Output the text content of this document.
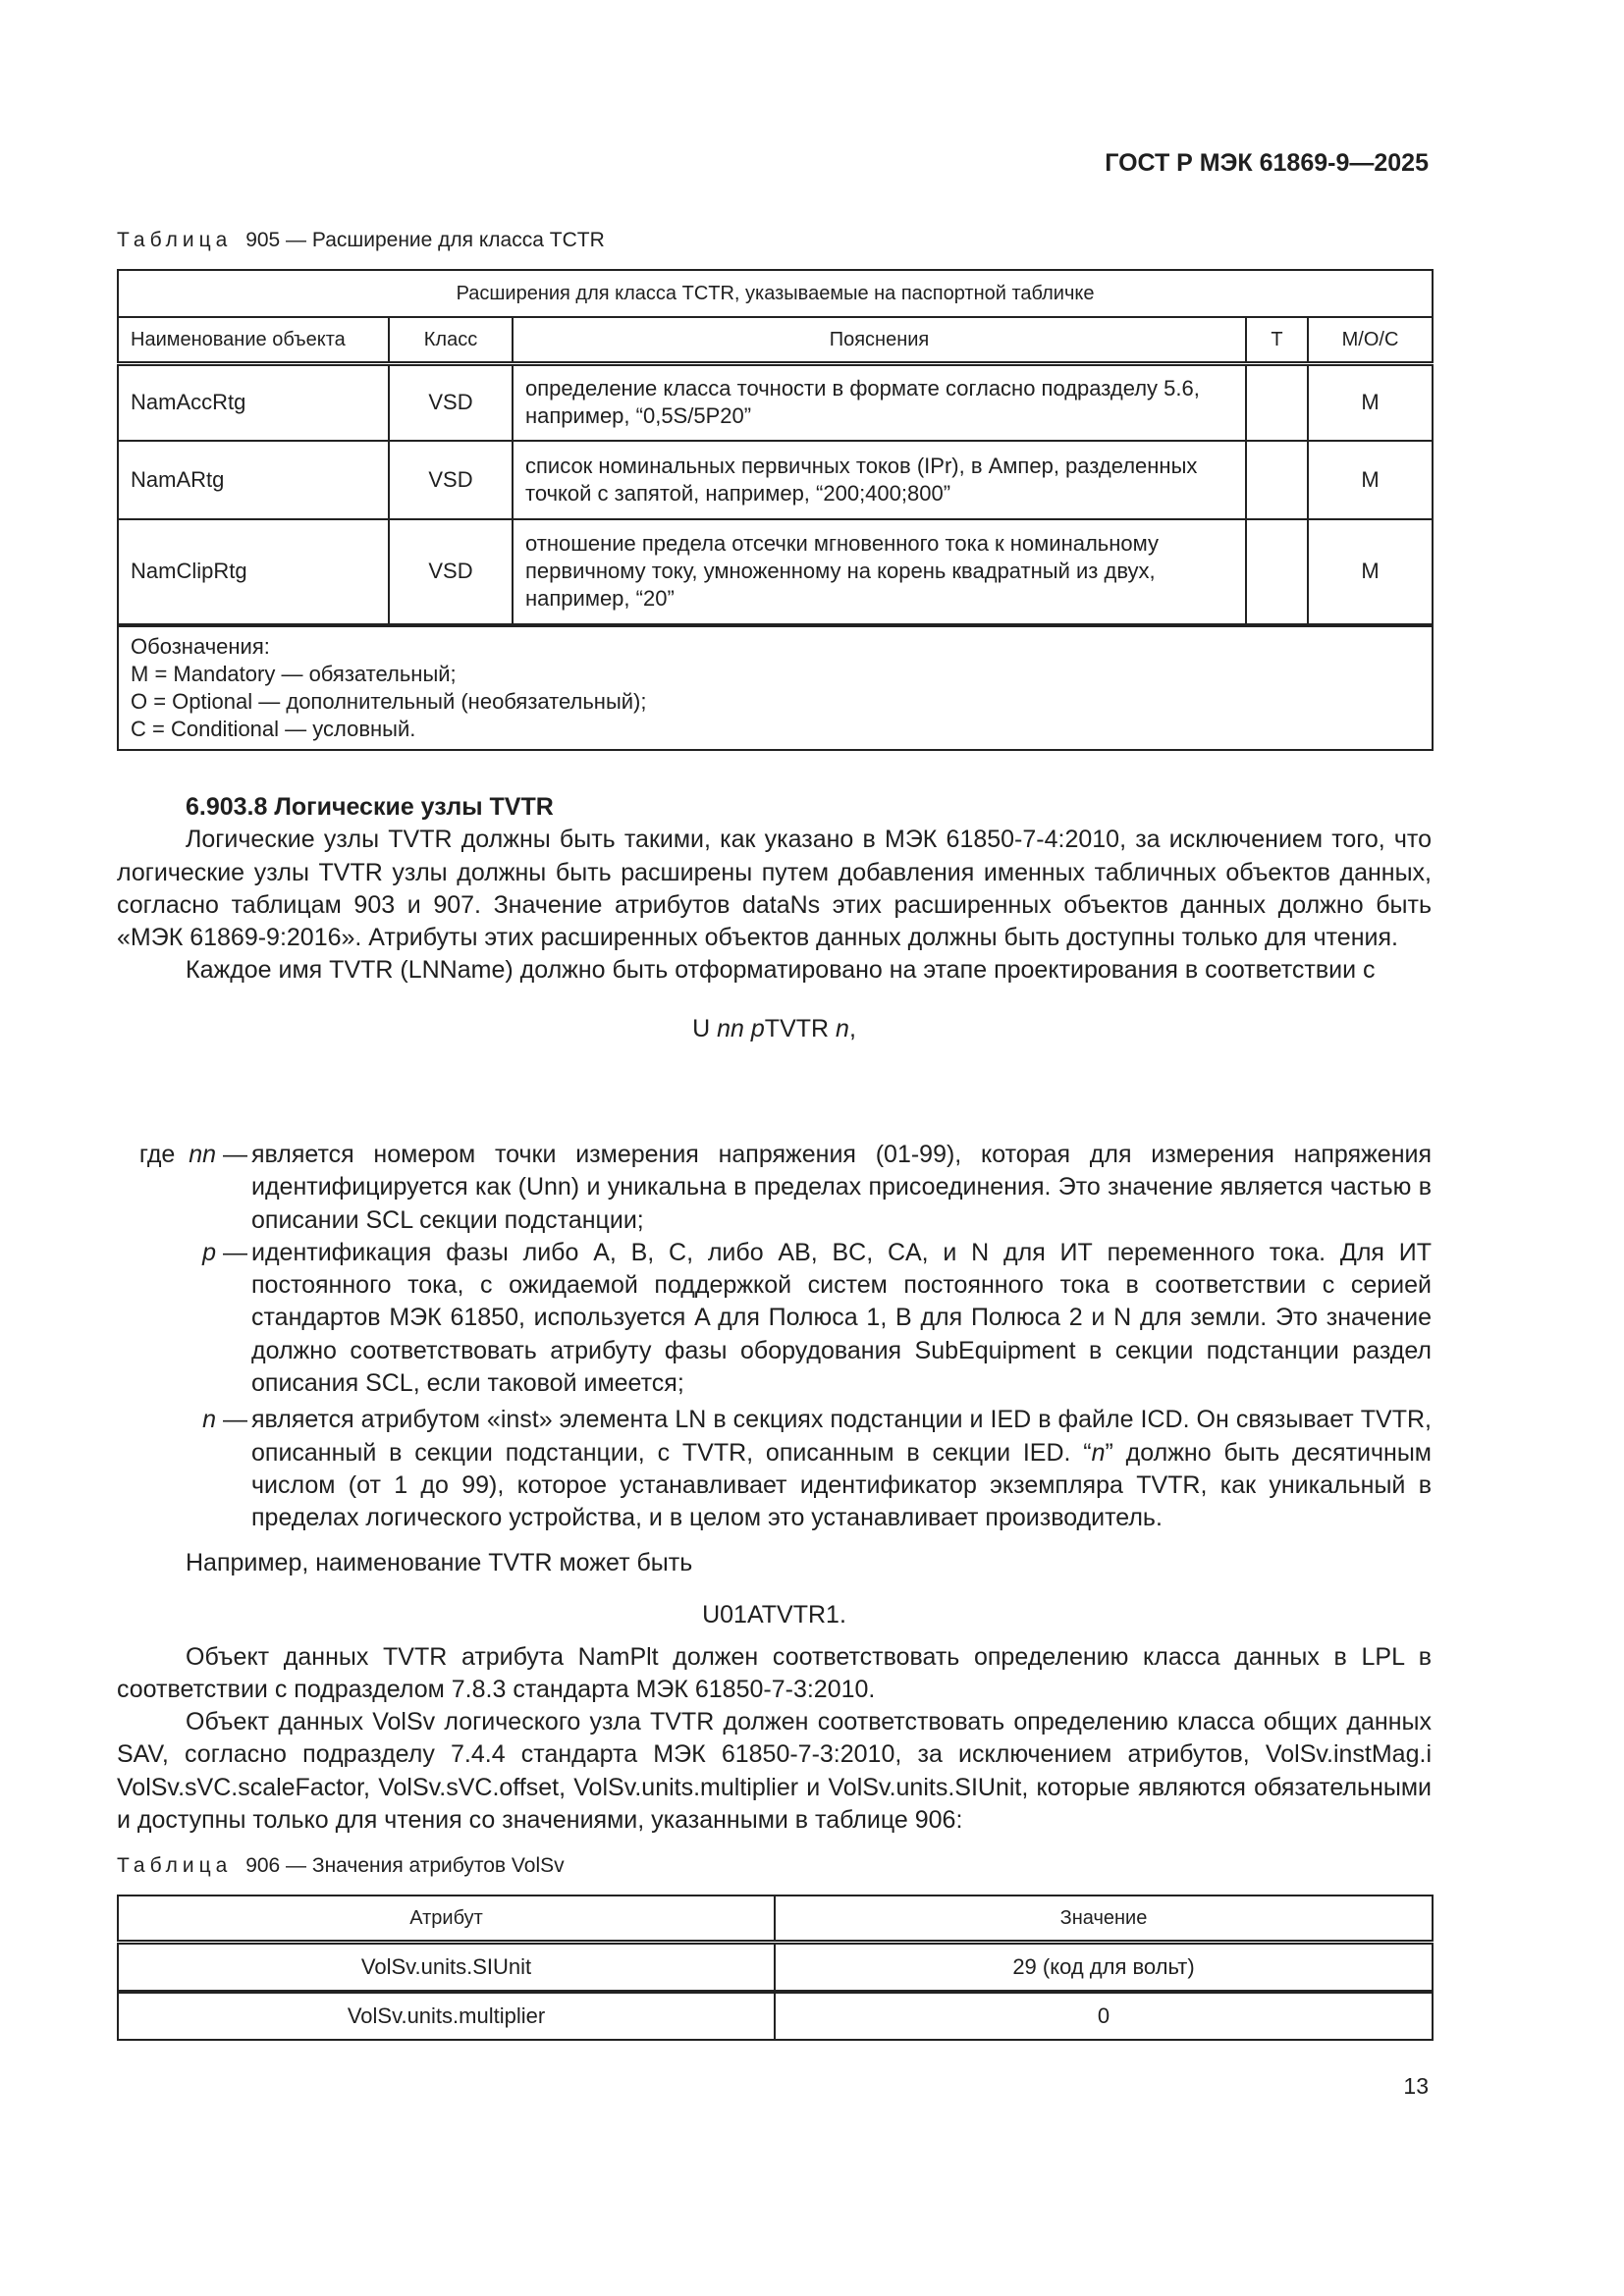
ГОСТ Р МЭК 61869-9—2025
Таблица 905 — Расширение для класса TCTR
Расширения для класса TCTR, указываемые на паспортной табличке				
Наименование объекта	Класс	Пояснения	T	M/O/C
NamAccRtg	VSD	определение класса точности в формате согласно подразделу 5.6, например, “0,5S/5P20”		M
NamARtg	VSD	список номинальных первичных токов (IPr), в Ампер, разделенных точкой с запятой, например, “200;400;800”		M
NamClipRtg	VSD	отношение предела отсечки мгновенного тока к номинальному первичному току, умноженному на корень квадратный из двух, например, “20”		M

Обозначения:
M = Mandatory — обязательный;
O = Optional — дополнительный (необязательный);
C = Conditional — условный.				

6.903.8 Логические узлы TVTR

Логические узлы TVTR должны быть такими, как указано в МЭК 61850-7-4:2010, за исключением того, что логические узлы TVTR узлы должны быть расширены путем добавления именных табличных объектов данных, согласно таблицам 903 и 907. Значение атрибутов dataNs этих расширенных объектов данных должно быть «МЭК 61869-9:2016». Атрибуты этих расширенных объектов данных должны быть доступны только для чтения.

Каждое имя TVTR (LNName) должно быть отформатировано на этапе проектирования в соответствии с

U nn pTVTR n,

где nn — является номером точки измерения напряжения (01-99), которая для измерения напряжения идентифицируется как (Unn) и уникальна в пределах присоединения. Это значение является частью в описании SCL секции подстанции;
p — идентификация фазы либо A, B, C, либо AB, BC, CA, и N для ИТ переменного тока. Для ИТ постоянного тока, с ожидаемой поддержкой систем постоянного тока в соответствии с серией стандартов МЭК 61850, используется A для Полюса 1, B для Полюса 2 и N для земли. Это значение должно соответствовать атрибуту фазы оборудования SubEquipment в секции подстанции раздел описания SCL, если таковой имеется;
n — является атрибутом «inst» элемента LN в секциях подстанции и IED в файле ICD. Он связывает TVTR, описанный в секции подстанции, с TVTR, описанным в секции IED. “n” должно быть десятичным числом (от 1 до 99), которое устанавливает идентификатор экземпляра TVTR, как уникальный в пределах логического устройства, и в целом это устанавливает производитель.

Например, наименование TVTR может быть

U01ATVTR1.

Объект данных TVTR атрибута NamPlt должен соответствовать определению класса данных в LPL в соответствии с подразделом 7.8.3 стандарта МЭК 61850-7-3:2010.

Объект данных VolSv логического узла TVTR должен соответствовать определению класса общих данных SAV, согласно подразделу 7.4.4 стандарта МЭК 61850-7-3:2010, за исключением атрибутов, VolSv.instMag.i VolSv.sVC.scaleFactor, VolSv.sVC.offset, VolSv.units.multiplier и VolSv.units.SIUnit, которые являются обязательными и доступны только для чтения со значениями, указанными в таблице 906:

Таблица 906 — Значения атрибутов VolSv
Атрибут	Значение
VolSv.units.SIUnit	29 (код для вольт)
VolSv.units.multiplier	0
13
